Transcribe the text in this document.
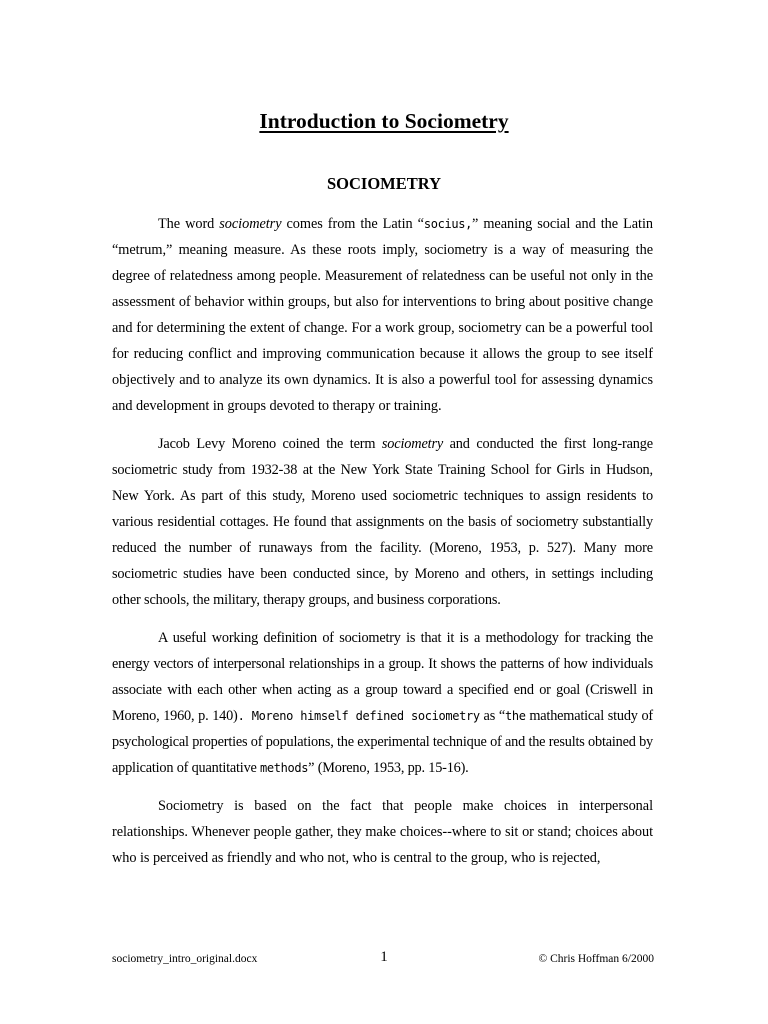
Introduction to Sociometry
SOCIOMETRY

The word sociometry comes from the Latin “socius,” meaning social and the Latin “metrum,” meaning measure. As these roots imply, sociometry is a way of measuring the degree of relatedness among people. Measurement of relatedness can be useful not only in the assessment of behavior within groups, but also for interventions to bring about positive change and for determining the extent of change. For a work group, sociometry can be a powerful tool for reducing conflict and improving communication because it allows the group to see itself objectively and to analyze its own dynamics. It is also a powerful tool for assessing dynamics and development in groups devoted to therapy or training.

Jacob Levy Moreno coined the term sociometry and conducted the first long-range sociometric study from 1932-38 at the New York State Training School for Girls in Hudson, New York. As part of this study, Moreno used sociometric techniques to assign residents to various residential cottages. He found that assignments on the basis of sociometry substantially reduced the number of runaways from the facility. (Moreno, 1953, p. 527). Many more sociometric studies have been conducted since, by Moreno and others, in settings including other schools, the military, therapy groups, and business corporations.

A useful working definition of sociometry is that it is a methodology for tracking the energy vectors of interpersonal relationships in a group. It shows the patterns of how individuals associate with each other when acting as a group toward a specified end or goal (Criswell in Moreno, 1960, p. 140). Moreno himself defined sociometry as “the mathematical study of psychological properties of populations, the experimental technique of and the results obtained by application of quantitative methods” (Moreno, 1953, pp. 15-16).

Sociometry is based on the fact that people make choices in interpersonal relationships. Whenever people gather, they make choices--where to sit or stand; choices about who is perceived as friendly and who not, who is central to the group, who is rejected,

sociometry_intro_original.docx	1	© Chris Hoffman 6/2000
